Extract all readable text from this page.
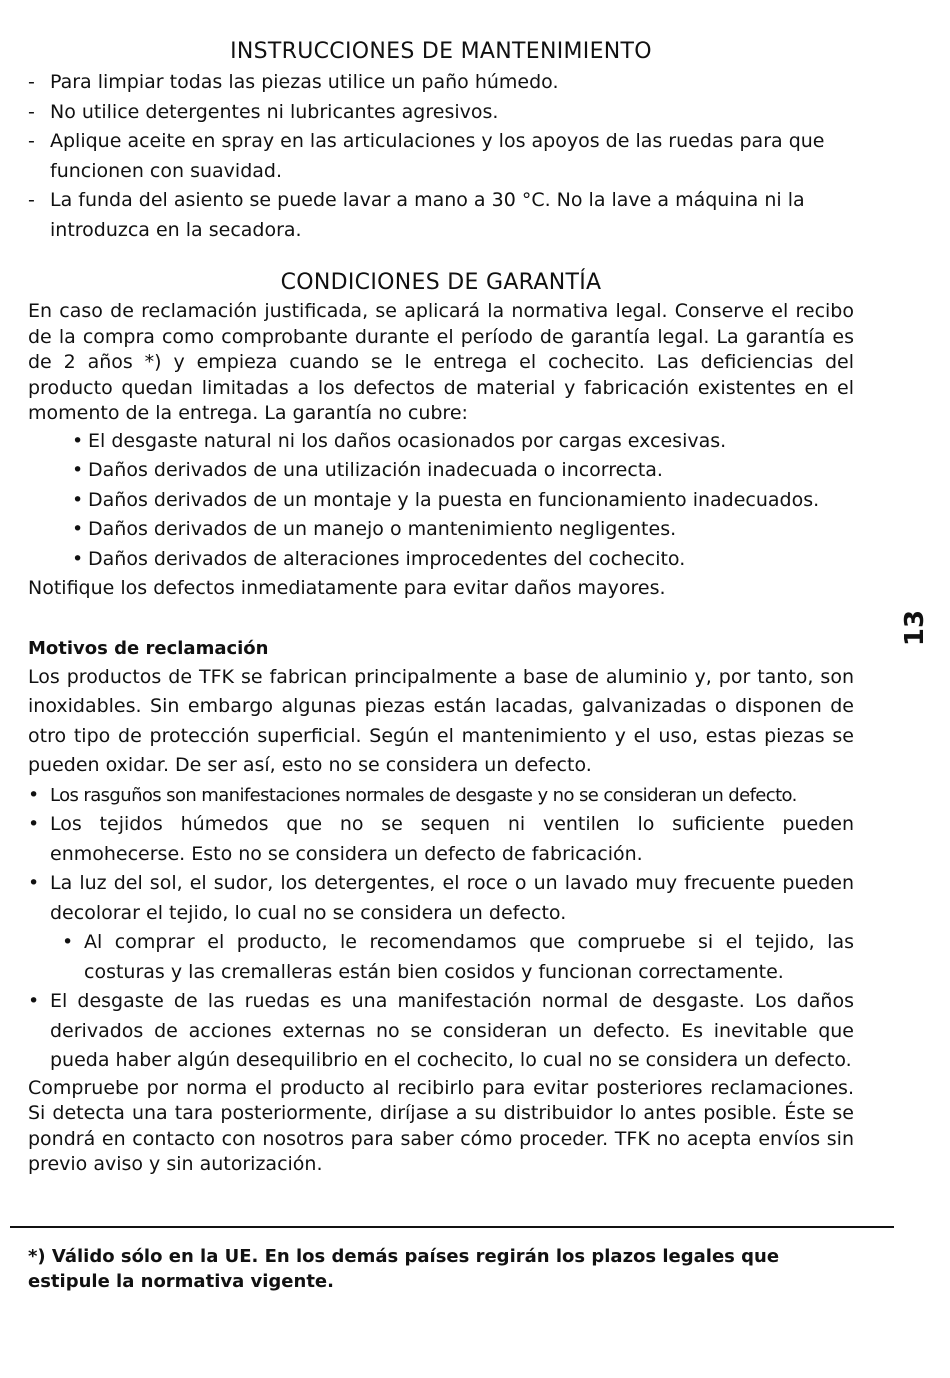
INSTRUCCIONES DE MANTENIMIENTO
- Para limpiar todas las piezas utilice un paño húmedo.
- No utilice detergentes ni lubricantes agresivos.
- Aplique aceite en spray en las articulaciones y los apoyos de las ruedas para que funcionen con suavidad.
- La funda del asiento se puede lavar a mano a 30 °C. No la lave a máquina ni la introduzca en la secadora.
CONDICIONES DE GARANTÍA

En caso de reclamación justificada, se aplicará la normativa legal. Conserve el recibo de la compra como comprobante durante el período de garantía legal. La garantía es de 2 años *) y empieza cuando se le entrega el cochecito. Las deficiencias del producto quedan limitadas a los defectos de material y fabricación existentes en el momento de la entrega. La garantía no cubre:

• El desgaste natural ni los daños ocasionados por cargas excesivas.
• Daños derivados de una utilización inadecuada o incorrecta.
• Daños derivados de un montaje y la puesta en funcionamiento inadecuados.
• Daños derivados de un manejo o mantenimiento negligentes.
• Daños derivados de alteraciones improcedentes del cochecito.

Notifique los defectos inmediatamente para evitar daños mayores.

Motivos de reclamación

Los productos de TFK se fabrican principalmente a base de aluminio y, por tanto, son inoxidables. Sin embargo algunas piezas están lacadas, galvanizadas o disponen de otro tipo de protección superficial. Según el mantenimiento y el uso, estas piezas se pueden oxidar. De ser así, esto no se considera un defecto.

• Los rasguños son manifestaciones normales de desgaste y no se consideran un defecto.
• Los tejidos húmedos que no se sequen ni ventilen lo suficiente pueden enmohecerse. Esto no se considera un defecto de fabricación.
• La luz del sol, el sudor, los detergentes, el roce o un lavado muy frecuente pueden decolorar el tejido, lo cual no se considera un defecto.
• Al comprar el producto, le recomendamos que compruebe si el tejido, las costuras y las cremalleras están bien cosidos y funcionan correctamente.
• El desgaste de las ruedas es una manifestación normal de desgaste. Los daños derivados de acciones externas no se consideran un defecto. Es inevitable que pueda haber algún desequilibrio en el cochecito, lo cual no se considera un defecto.

Compruebe por norma el producto al recibirlo para evitar posteriores reclamaciones. Si detecta una tara posteriormente, diríjase a su distribuidor lo antes posible. Éste se pondrá en contacto con nosotros para saber cómo proceder. TFK no acepta envíos sin previo aviso y sin autorización.

13
*) Válido sólo en la UE. En los demás países regirán los plazos legales que estipule la normativa vigente.
